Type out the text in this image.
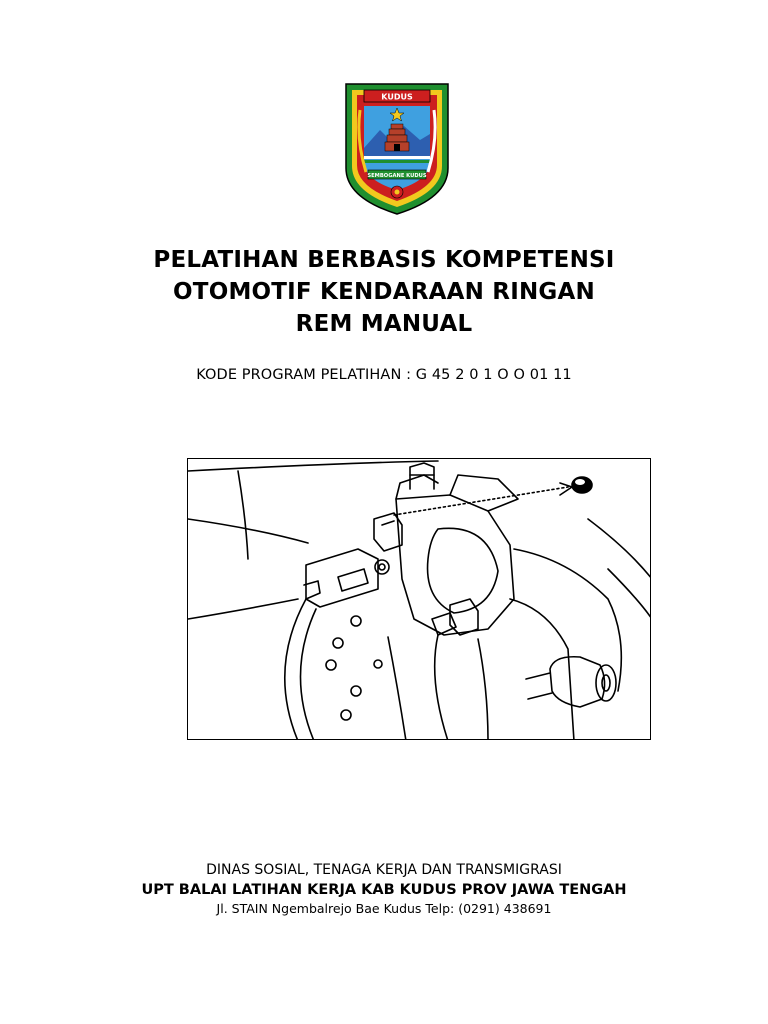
KUDUS
SEMBOGANE KUDUS
PELATIHAN BERBASIS KOMPETENSI
OTOMOTIF KENDARAAN RINGAN
REM MANUAL
KODE PROGRAM PELATIHAN : G 45 2 0 1 O O 01 11
DINAS SOSIAL, TENAGA KERJA DAN TRANSMIGRASI
UPT BALAI LATIHAN KERJA KAB KUDUS PROV JAWA TENGAH
Jl. STAIN Ngembalrejo Bae Kudus Telp: (0291) 438691
